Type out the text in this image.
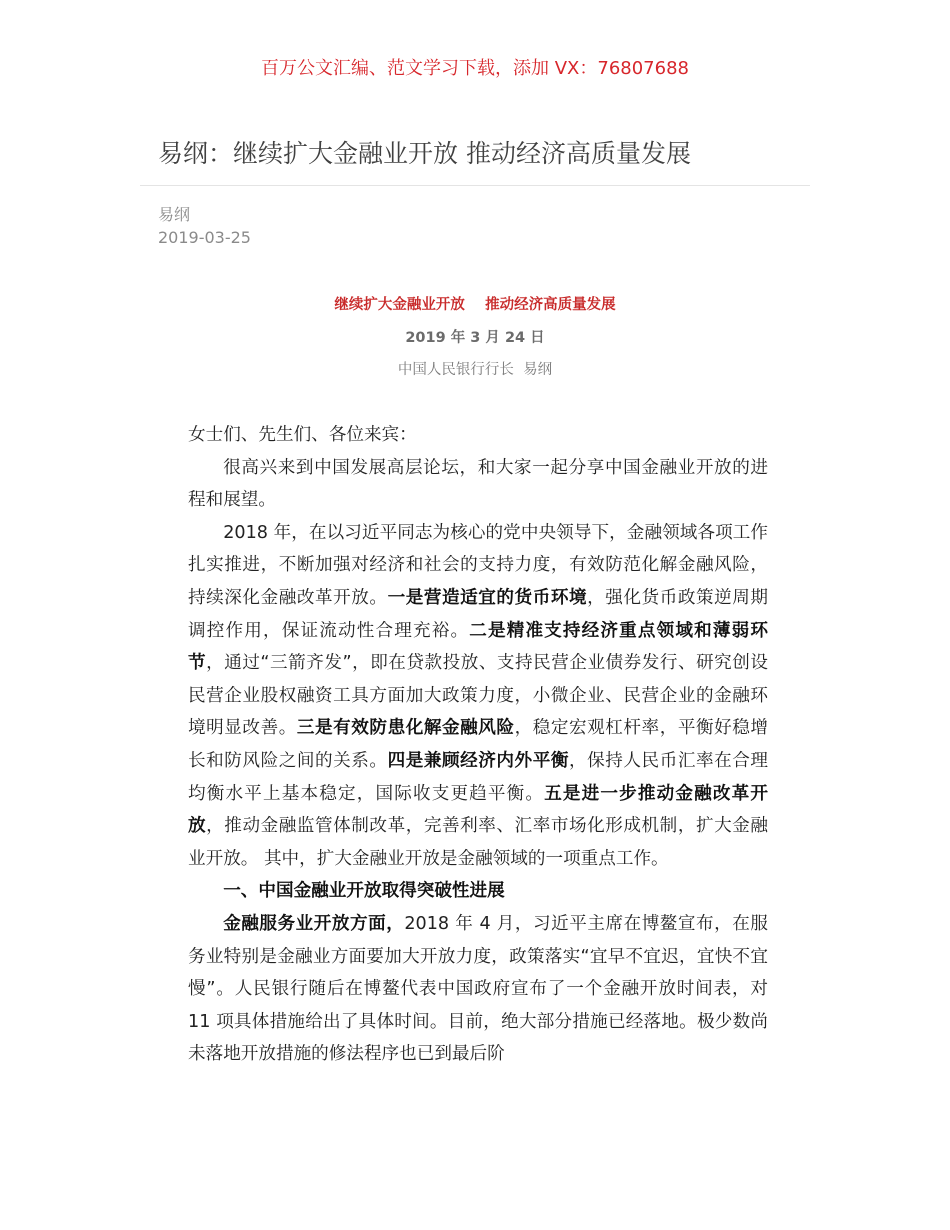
百万公文汇编、范文学习下载，添加 VX：76807688
易纲：继续扩大金融业开放 推动经济高质量发展
易纲
2019-03-25
继续扩大金融业开放    推动经济高质量发展
2019 年 3 月 24 日
中国人民银行行长  易纲

女士们、先生们、各位来宾：

很高兴来到中国发展高层论坛，和大家一起分享中国金融业开放的进程和展望。

2018 年，在以习近平同志为核心的党中央领导下，金融领域各项工作扎实推进，不断加强对经济和社会的支持力度，有效防范化解金融风险，持续深化金融改革开放。一是营造适宜的货币环境，强化货币政策逆周期调控作用，保证流动性合理充裕。二是精准支持经济重点领域和薄弱环节，通过“三箭齐发”，即在贷款投放、支持民营企业债券发行、研究创设民营企业股权融资工具方面加大政策力度，小微企业、民营企业的金融环境明显改善。三是有效防患化解金融风险，稳定宏观杠杆率，平衡好稳增长和防风险之间的关系。四是兼顾经济内外平衡，保持人民币汇率在合理均衡水平上基本稳定，国际收支更趋平衡。五是进一步推动金融改革开放，推动金融监管体制改革，完善利率、汇率市场化形成机制，扩大金融业开放。 其中，扩大金融业开放是金融领域的一项重点工作。

一、中国金融业开放取得突破性进展

金融服务业开放方面，2018 年 4 月，习近平主席在博鳌宣布，在服务业特别是金融业方面要加大开放力度，政策落实“宜早不宜迟，宜快不宜慢”。人民银行随后在博鳌代表中国政府宣布了一个金融开放时间表，对 11 项具体措施给出了具体时间。目前，绝大部分措施已经落地。极少数尚未落地开放措施的修法程序也已到最后阶
